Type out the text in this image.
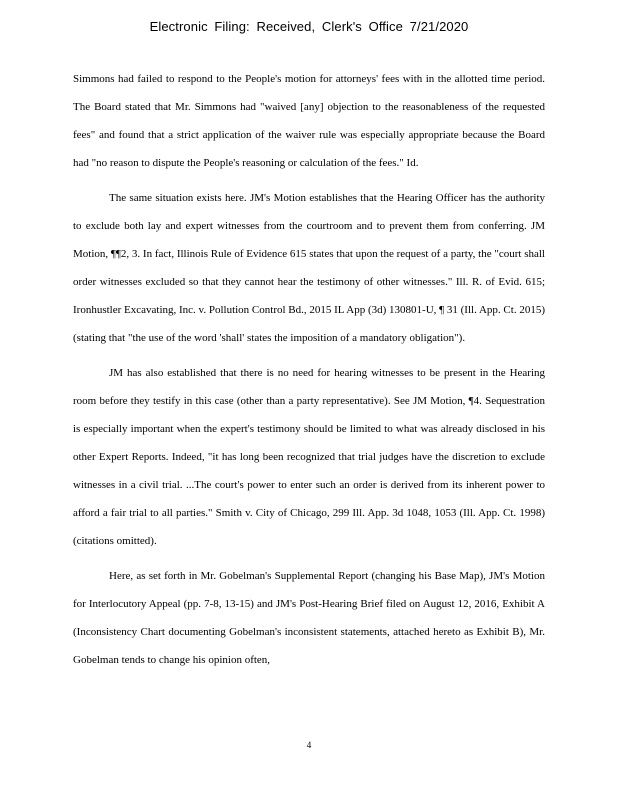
Electronic Filing: Received, Clerk's Office 7/21/2020

Simmons had failed to respond to the People's motion for attorneys' fees with in the allotted time period. The Board stated that Mr. Simmons had "waived [any] objection to the reasonableness of the requested fees" and found that a strict application of the waiver rule was especially appropriate because the Board had "no reason to dispute the People's reasoning or calculation of the fees." Id.

The same situation exists here. JM's Motion establishes that the Hearing Officer has the authority to exclude both lay and expert witnesses from the courtroom and to prevent them from conferring. JM Motion, ¶¶2, 3. In fact, Illinois Rule of Evidence 615 states that upon the request of a party, the "court shall order witnesses excluded so that they cannot hear the testimony of other witnesses." Ill. R. of Evid. 615; Ironhustler Excavating, Inc. v. Pollution Control Bd., 2015 IL App (3d) 130801-U, ¶ 31 (Ill. App. Ct. 2015) (stating that "the use of the word 'shall' states the imposition of a mandatory obligation").

JM has also established that there is no need for hearing witnesses to be present in the Hearing room before they testify in this case (other than a party representative). See JM Motion, ¶4. Sequestration is especially important when the expert's testimony should be limited to what was already disclosed in his other Expert Reports. Indeed, "it has long been recognized that trial judges have the discretion to exclude witnesses in a civil trial. ...The court's power to enter such an order is derived from its inherent power to afford a fair trial to all parties." Smith v. City of Chicago, 299 Ill. App. 3d 1048, 1053 (Ill. App. Ct. 1998) (citations omitted).

Here, as set forth in Mr. Gobelman's Supplemental Report (changing his Base Map), JM's Motion for Interlocutory Appeal (pp. 7-8, 13-15) and JM's Post-Hearing Brief filed on August 12, 2016, Exhibit A (Inconsistency Chart documenting Gobelman's inconsistent statements, attached hereto as Exhibit B), Mr. Gobelman tends to change his opinion often,

4
